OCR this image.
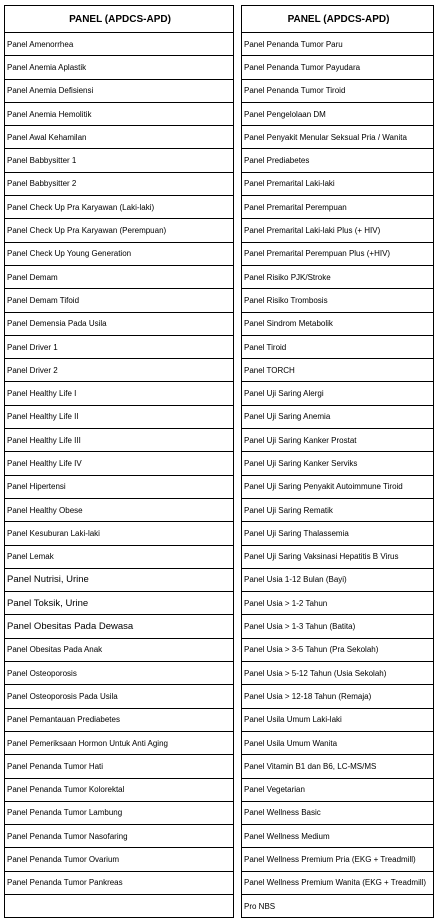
PANEL (APDCS-APD)
Panel Amenorrhea
Panel Anemia Aplastik
Panel Anemia Defisiensi
Panel Anemia Hemolitik
Panel Awal Kehamilan
Panel Babbysitter 1
Panel Babbysitter 2
Panel Check Up Pra Karyawan (Laki-laki)
Panel Check Up Pra Karyawan (Perempuan)
Panel Check Up Young Generation
Panel Demam
Panel Demam Tifoid
Panel Demensia Pada Usila
Panel Driver 1
Panel Driver 2
Panel Healthy Life I
Panel Healthy Life II
Panel Healthy Life III
Panel Healthy Life IV
Panel Hipertensi
Panel Healthy Obese
Panel Kesuburan Laki-laki
Panel Lemak
Panel Nutrisi, Urine
Panel Toksik, Urine
Panel Obesitas Pada Dewasa
Panel Obesitas Pada Anak
Panel Osteoporosis
Panel Osteoporosis Pada Usila
Panel Pemantauan Prediabetes
Panel Pemeriksaan Hormon Untuk Anti Aging
Panel Penanda Tumor Hati
Panel Penanda Tumor Kolorektal
Panel Penanda Tumor Lambung
Panel Penanda Tumor Nasofaring
Panel Penanda Tumor Ovarium
Panel Penanda Tumor Pankreas

PANEL (APDCS-APD)
Panel Penanda Tumor Paru
Panel Penanda Tumor Payudara
Panel Penanda Tumor Tiroid
Panel Pengelolaan DM
Panel Penyakit Menular Seksual Pria / Wanita
Panel Prediabetes
Panel Premarital Laki-laki
Panel Premarital Perempuan
Panel Premarital Laki-laki Plus (+ HIV)
Panel Premarital Perempuan Plus (+HIV)
Panel Risiko PJK/Stroke
Panel Risiko Trombosis
Panel Sindrom Metabolik
Panel Tiroid
Panel TORCH
Panel Uji Saring Alergi
Panel Uji Saring Anemia
Panel Uji Saring Kanker Prostat
Panel Uji Saring Kanker Serviks
Panel Uji Saring Penyakit Autoimmune Tiroid
Panel Uji Saring Rematik
Panel Uji Saring Thalassemia
Panel Uji Saring Vaksinasi Hepatitis B Virus
Panel Usia 1-12 Bulan (Bayi)
Panel Usia > 1-2 Tahun
Panel Usia > 1-3 Tahun (Batita)
Panel Usia > 3-5 Tahun (Pra Sekolah)
Panel Usia > 5-12 Tahun (Usia Sekolah)
Panel Usia > 12-18 Tahun (Remaja)
Panel Usila Umum Laki-laki
Panel Usila Umum Wanita
Panel Vitamin B1 dan B6, LC-MS/MS
Panel Vegetarian
Panel Wellness Basic
Panel Wellness Medium
Panel Wellness Premium Pria (EKG + Treadmill)
Panel Wellness Premium Wanita (EKG + Treadmill)
Pro NBS
